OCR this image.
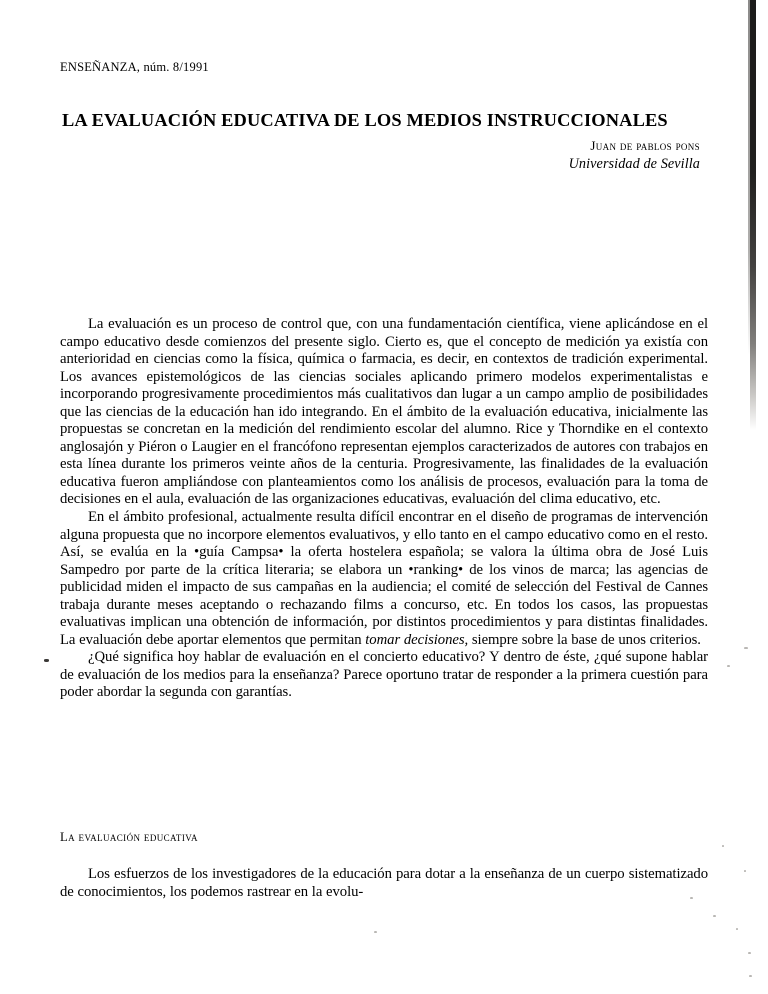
ENSEÑANZA, núm. 8/1991
LA EVALUACIÓN EDUCATIVA DE LOS MEDIOS INSTRUCCIONALES
Juan de pablos pons
Universidad de Sevilla

La evaluación es un proceso de control que, con una fundamentación científica, viene aplicándose en el campo educativo desde comienzos del presente siglo. Cierto es, que el concepto de medición ya existía con anterioridad en ciencias como la física, química o farmacia, es decir, en contextos de tradición experimental. Los avances epistemológicos de las ciencias sociales aplicando primero modelos experimentalistas e incorporando progresivamente procedimientos más cualitativos dan lugar a un campo amplio de posibilidades que las ciencias de la educación han ido integrando. En el ámbito de la evaluación educativa, inicialmente las propuestas se concretan en la medición del rendimiento escolar del alumno. Rice y Thorndike en el contexto anglosajón y Piéron o Laugier en el francófono representan ejemplos caracterizados de autores con trabajos en esta línea durante los primeros veinte años de la centuria. Progresivamente, las finalidades de la evaluación educativa fueron ampliándose con planteamientos como los análisis de procesos, evaluación para la toma de decisiones en el aula, evaluación de las organizaciones educativas, evaluación del clima educativo, etc.

En el ámbito profesional, actualmente resulta difícil encontrar en el diseño de programas de intervención alguna propuesta que no incorpore elementos evaluativos, y ello tanto en el campo educativo como en el resto. Así, se evalúa en la •guía Campsa• la oferta hostelera española; se valora la última obra de José Luis Sampedro por parte de la crítica literaria; se elabora un •ranking• de los vinos de marca; las agencias de publicidad miden el impacto de sus campañas en la audiencia; el comité de selección del Festival de Cannes trabaja durante meses aceptando o rechazando films a concurso, etc. En todos los casos, las propuestas evaluativas implican una obtención de información, por distintos procedimientos y para distintas finalidades. La evaluación debe aportar elementos que permitan tomar decisiones, siempre sobre la base de unos criterios.

¿Qué significa hoy hablar de evaluación en el concierto educativo? Y dentro de éste, ¿qué supone hablar de evaluación de los medios para la enseñanza? Parece oportuno tratar de responder a la primera cuestión para poder abordar la segunda con garantías.

La evaluación educativa

Los esfuerzos de los investigadores de la educación para dotar a la enseñanza de un cuerpo sistematizado de conocimientos, los podemos rastrear en la evolu-
